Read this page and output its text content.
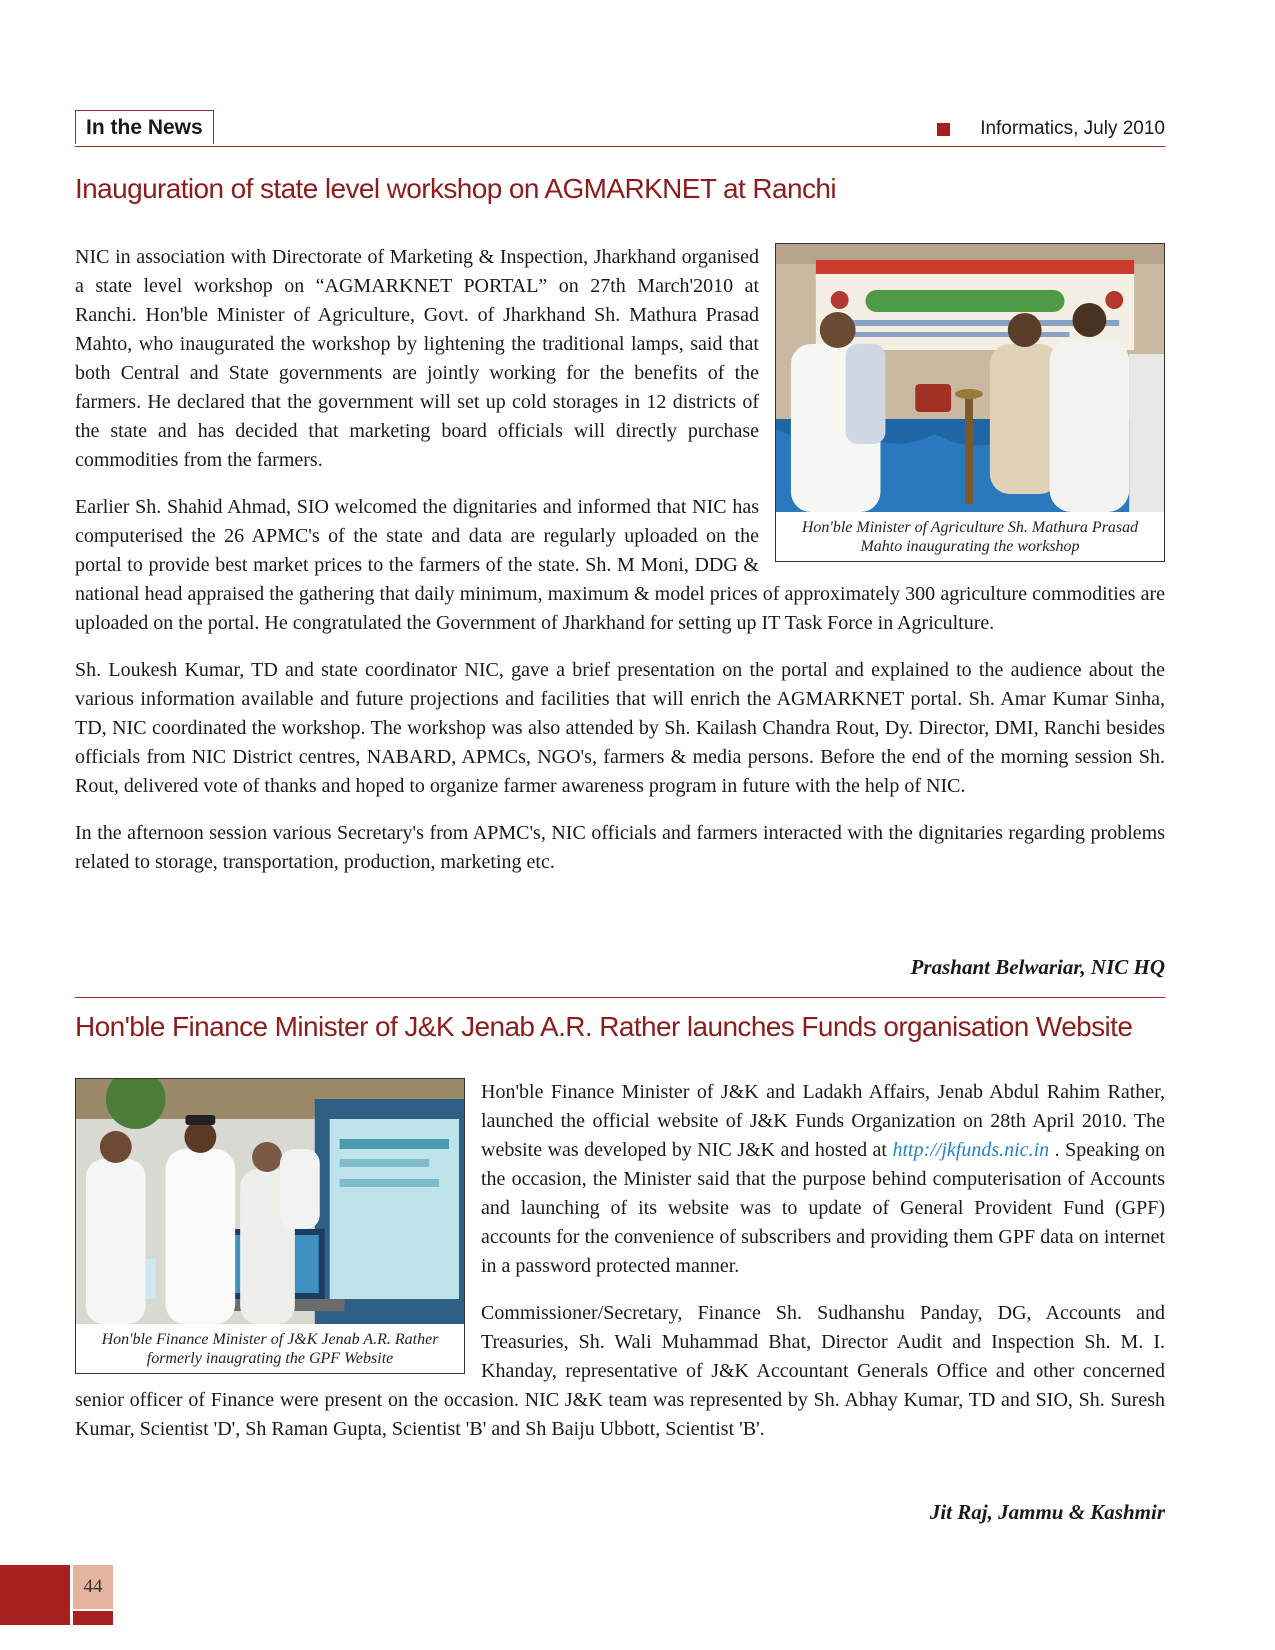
In the News	Informatics, July 2010
Inauguration of state level workshop on AGMARKNET at Ranchi
Hon'ble Minister of Agriculture Sh. Mathura Prasad Mahto inaugurating the workshop

NIC in association with Directorate of Marketing & Inspection, Jharkhand organised a state level workshop on “AGMARKNET PORTAL” on 27th March'2010 at Ranchi. Hon'ble Minister of Agriculture, Govt. of Jharkhand Sh. Mathura Prasad Mahto, who inaugurated the workshop by lightening the traditional lamps, said that both Central and State governments are jointly working for the benefits of the farmers. He declared that the government will set up cold storages in 12 districts of the state and has decided that marketing board officials will directly purchase commodities from the farmers.

Earlier Sh. Shahid Ahmad, SIO welcomed the dignitaries and informed that NIC has computerised the 26 APMC's of the state and data are regularly uploaded on the portal to provide best market prices to the farmers of the state. Sh. M Moni, DDG & national head appraised the gathering that daily minimum, maximum & model prices of approximately 300 agriculture commodities are uploaded on the portal. He congratulated the Government of Jharkhand for setting up IT Task Force in Agriculture.

Sh. Loukesh Kumar, TD and state coordinator NIC, gave a brief presentation on the portal and explained to the audience about the various information available and future projections and facilities that will enrich the AGMARKNET portal. Sh. Amar Kumar Sinha, TD, NIC coordinated the workshop. The workshop was also attended by Sh. Kailash Chandra Rout, Dy. Director, DMI, Ranchi besides officials from NIC District centres, NABARD, APMCs, NGO's, farmers & media persons. Before the end of the morning session Sh. Rout, delivered vote of thanks and hoped to organize farmer awareness program in future with the help of NIC.

In the afternoon session various Secretary's from APMC's, NIC officials and farmers interacted with the dignitaries regarding problems related to storage, transportation, production, marketing etc.

Prashant Belwariar, NIC HQ
Hon'ble Finance Minister of J&K Jenab A.R. Rather launches Funds organisation Website
Hon'ble Finance Minister of J&K Jenab A.R. Rather formerly inaugrating the GPF Website

Hon'ble Finance Minister of J&K and Ladakh Affairs, Jenab Abdul Rahim Rather, launched the official website of J&K Funds Organization on 28th April 2010. The website was developed by NIC J&K and hosted at http://jkfunds.nic.in . Speaking on the occasion, the Minister said that the purpose behind computerisation of Accounts and launching of its website was to update of General Provident Fund (GPF) accounts for the convenience of subscribers and providing them GPF data on internet in a password protected manner.

Commissioner/Secretary, Finance Sh. Sudhanshu Panday, DG, Accounts and Treasuries, Sh. Wali Muhammad Bhat, Director Audit and Inspection Sh. M. I. Khanday, representative of J&K Accountant Generals Office and other concerned senior officer of Finance were present on the occasion. NIC J&K team was represented by Sh. Abhay Kumar, TD and SIO, Sh. Suresh Kumar, Scientist 'D', Sh Raman Gupta, Scientist 'B' and Sh Baiju Ubbott, Scientist 'B'.

Jit Raj, Jammu & Kashmir
44
